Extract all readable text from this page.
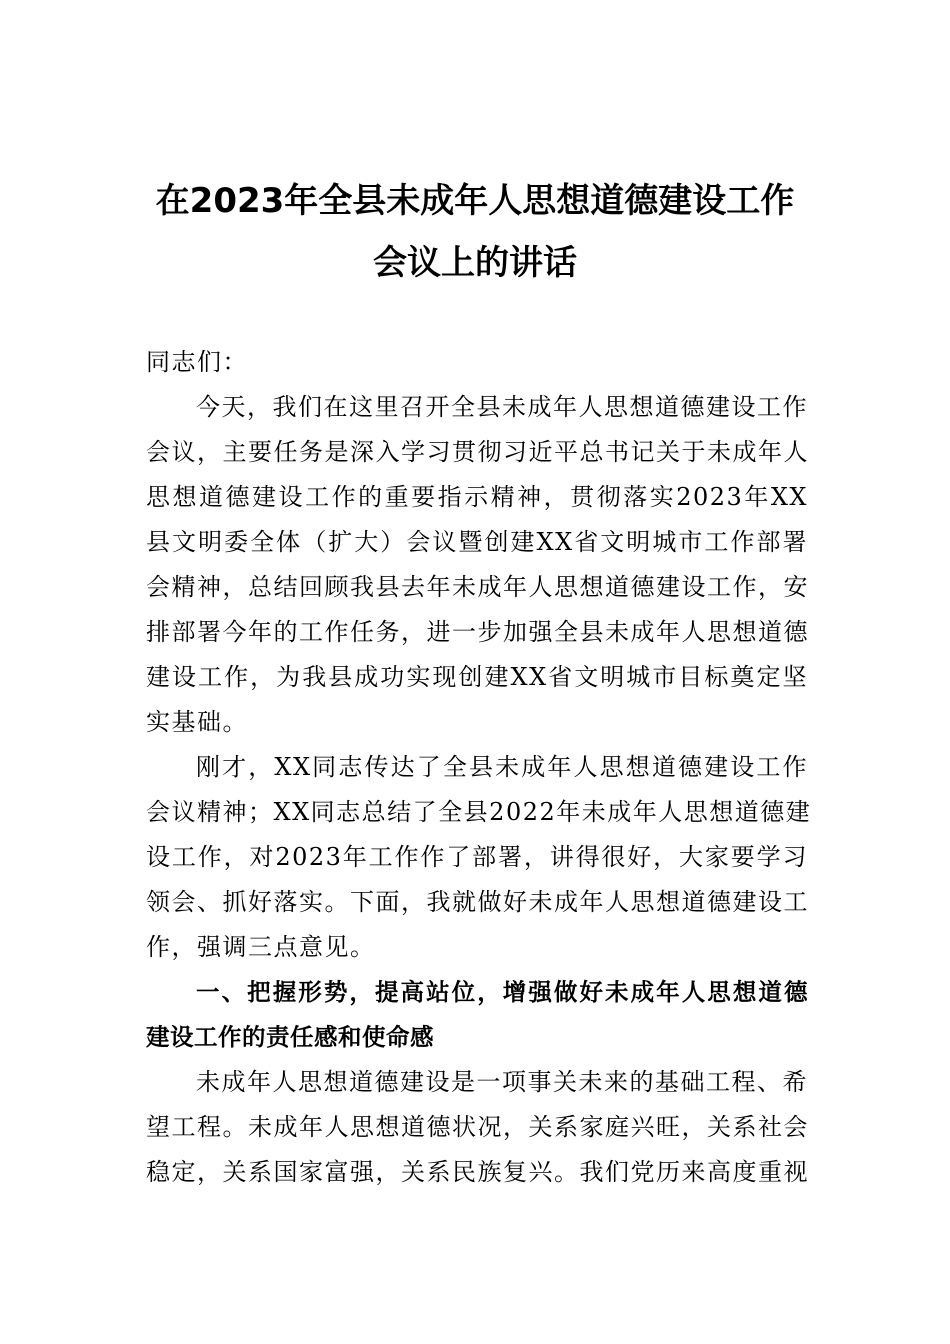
在2023年全县未成年人思想道德建设工作
会议上的讲话
同志们：
今天，我们在这里召开全县未成年人思想道德建设工作
会议，主要任务是深入学习贯彻习近平总书记关于未成年人
思想道德建设工作的重要指示精神，贯彻落实2023年XX
县文明委全体（扩大）会议暨创建XX省文明城市工作部署
会精神，总结回顾我县去年未成年人思想道德建设工作，安
排部署今年的工作任务，进一步加强全县未成年人思想道德
建设工作，为我县成功实现创建XX省文明城市目标奠定坚
实基础。
刚才，XX同志传达了全县未成年人思想道德建设工作
会议精神；XX同志总结了全县2022年未成年人思想道德建
设工作，对2023年工作作了部署，讲得很好，大家要学习
领会、抓好落实。下面，我就做好未成年人思想道德建设工
作，强调三点意见。
一、把握形势，提高站位，增强做好未成年人思想道德
建设工作的责任感和使命感
未成年人思想道德建设是一项事关未来的基础工程、希
望工程。未成年人思想道德状况，关系家庭兴旺，关系社会
稳定，关系国家富强，关系民族复兴。我们党历来高度重视
